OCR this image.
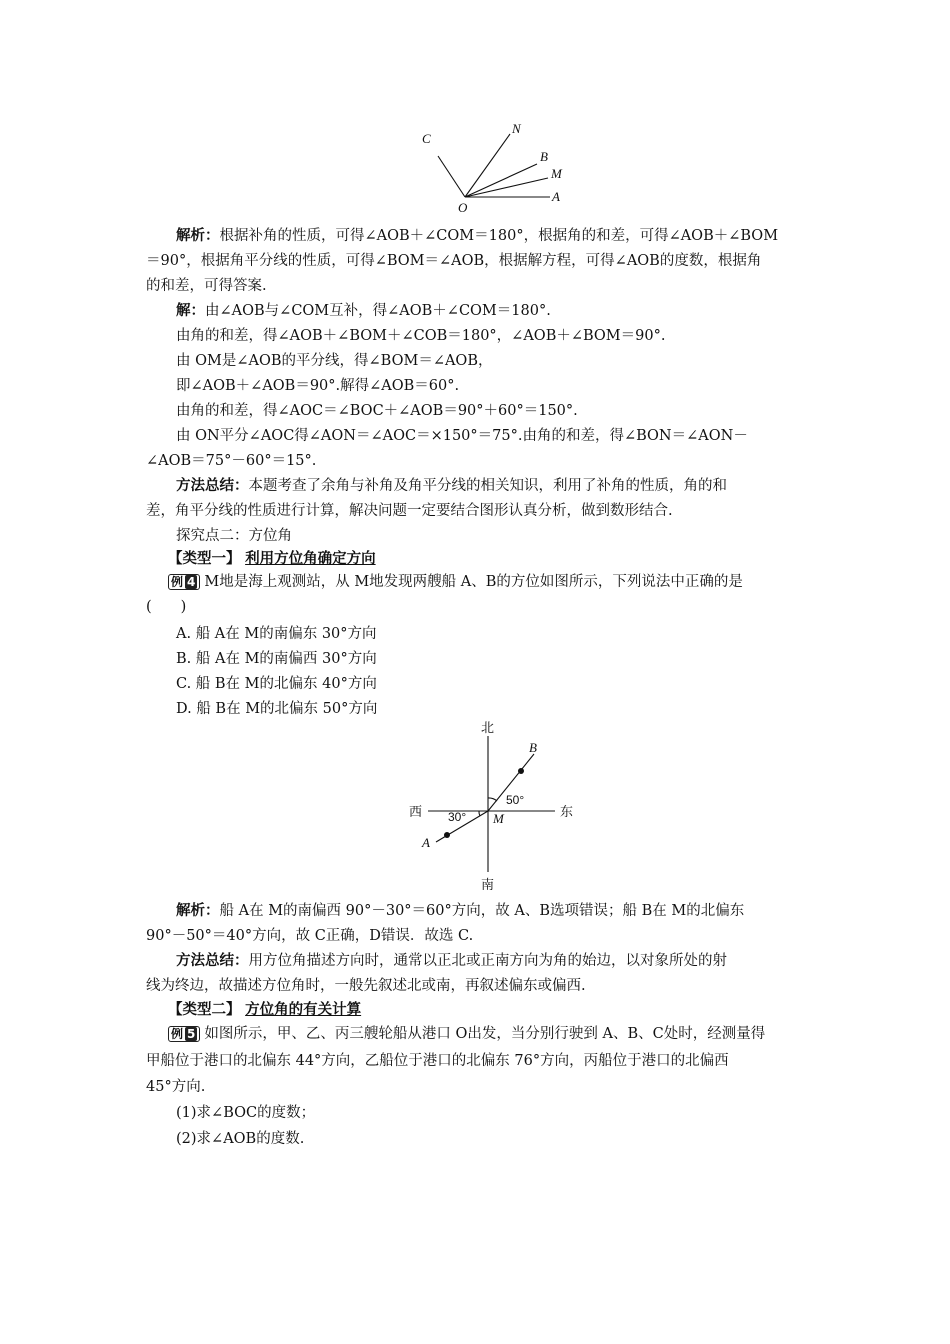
C
N
B
M
A
O
解析：根据补角的性质，可得∠AOB＋∠COM＝180°，根据角的和差，可得∠AOB＋∠BOM
＝90°，根据角平分线的性质，可得∠BOM＝∠AOB，根据解方程，可得∠AOB的度数，根据角
的和差，可得答案.
解：由∠AOB与∠COM互补，得∠AOB＋∠COM＝180°.
由角的和差，得∠AOB＋∠BOM＋∠COB＝180°，∠AOB＋∠BOM＝90°.
由 OM是∠AOB的平分线，得∠BOM＝∠AOB，
即∠AOB＋∠AOB＝90°.解得∠AOB＝60°.
由角的和差，得∠AOC＝∠BOC＋∠AOB＝90°＋60°＝150°.
由 ON平分∠AOC得∠AON＝∠AOC＝×150°＝75°.由角的和差，得∠BON＝∠AON－
∠AOB＝75°－60°＝15°.
方法总结：本题考查了余角与补角及角平分线的相关知识，利用了补角的性质，角的和
差，角平分线的性质进行计算，解决问题一定要结合图形认真分析，做到数形结合.
探究点二：方位角
【类型一】 利用方位角确定方向
例 4 M地是海上观测站，从 M地发现两艘船 A、B的方位如图所示，下列说法中正确的是
(　　)
A. 船 A在 M的南偏东 30°方向
B. 船 A在 M的南偏西 30°方向
C. 船 B在 M的北偏东 40°方向
D. 船 B在 M的北偏东 50°方向
北
南
西	东
50°
30°
B
A
M
解析：船 A在 M的南偏西 90°－30°＝60°方向，故 A、B选项错误；船 B在 M的北偏东
90°－50°＝40°方向，故 C正确，D错误．故选 C.
方法总结：用方位角描述方向时，通常以正北或正南方向为角的始边，以对象所处的射
线为终边，故描述方位角时，一般先叙述北或南，再叙述偏东或偏西.
【类型二】 方位角的有关计算
例 5 如图所示，甲、乙、丙三艘轮船从港口 O出发，当分别行驶到 A、B、C处时，经测量得
甲船位于港口的北偏东 44°方向，乙船位于港口的北偏东 76°方向，丙船位于港口的北偏西
45°方向.
(1)求∠BOC的度数；
(2)求∠AOB的度数.
